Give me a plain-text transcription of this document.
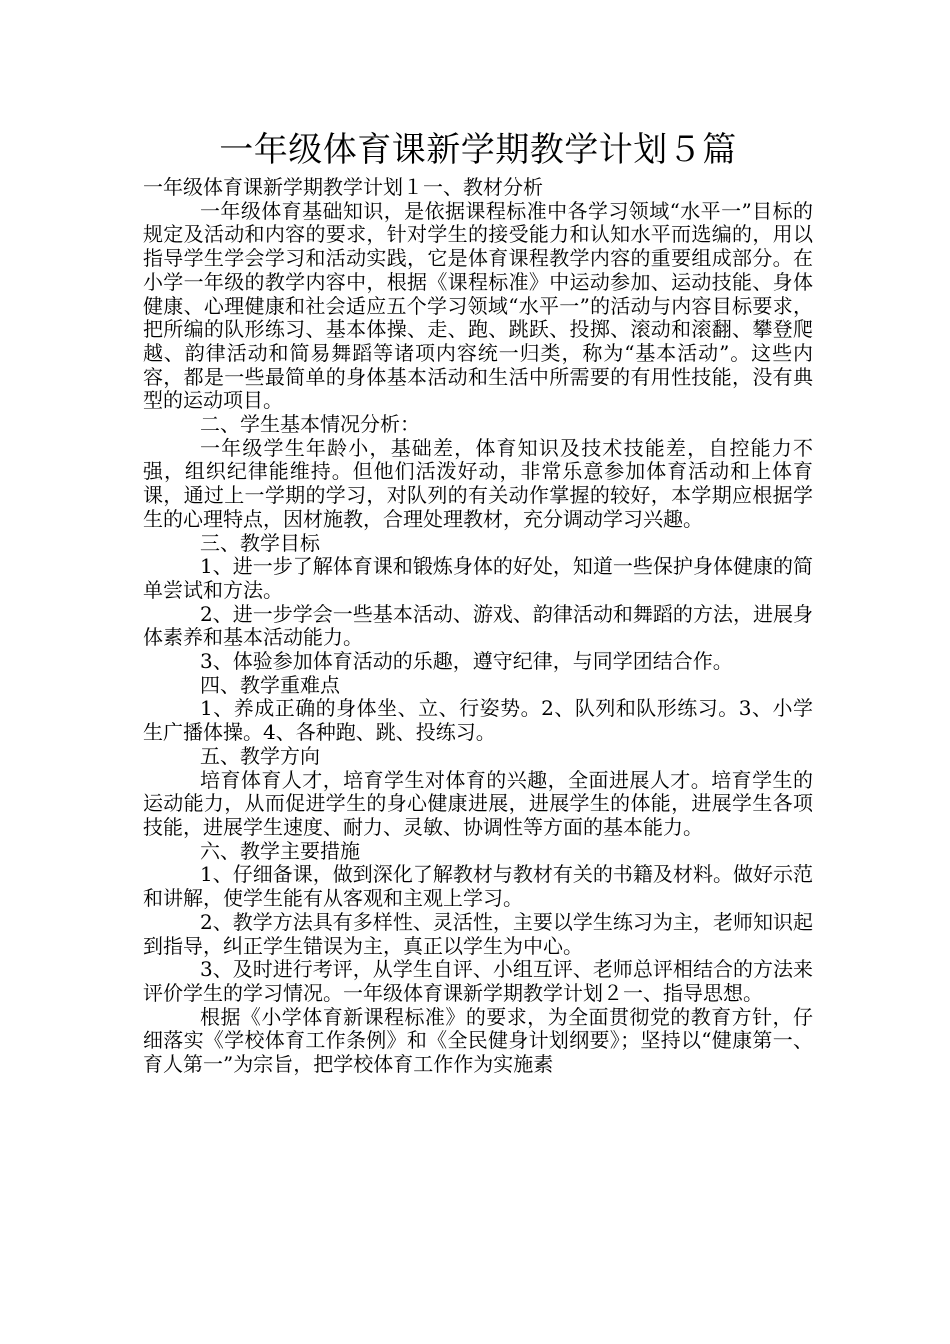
一年级体育课新学期教学计划５篇

一年级体育课新学期教学计划１一、教材分析

一年级体育基础知识，是依据课程标准中各学习领域“水平一”目标的规定及活动和内容的要求，针对学生的接受能力和认知水平而选编的，用以指导学生学会学习和活动实践，它是体育课程教学内容的重要组成部分。在小学一年级的教学内容中，根据《课程标准》中运动参加、运动技能、身体健康、心理健康和社会适应五个学习领域“水平一”的活动与内容目标要求，把所编的队形练习、基本体操、走、跑、跳跃、投掷、滚动和滚翻、攀登爬越、韵律活动和简易舞蹈等诸项内容统一归类，称为“基本活动”。这些内容，都是一些最简单的身体基本活动和生活中所需要的有用性技能，没有典型的运动项目。

二、学生基本情况分析：

一年级学生年龄小，基础差，体育知识及技术技能差，自控能力不强，组织纪律能维持。但他们活泼好动，非常乐意参加体育活动和上体育课，通过上一学期的学习，对队列的有关动作掌握的较好，本学期应根据学生的心理特点，因材施教，合理处理教材，充分调动学习兴趣。

三、教学目标

1、进一步了解体育课和锻炼身体的好处，知道一些保护身体健康的简单尝试和方法。

2、进一步学会一些基本活动、游戏、韵律活动和舞蹈的方法，进展身体素养和基本活动能力。

3、体验参加体育活动的乐趣，遵守纪律，与同学团结合作。

四、教学重难点

1、养成正确的身体坐、立、行姿势。2、队列和队形练习。3、小学生广播体操。4、各种跑、跳、投练习。

五、教学方向

培育体育人才，培育学生对体育的兴趣，全面进展人才。培育学生的运动能力，从而促进学生的身心健康进展，进展学生的体能，进展学生各项技能，进展学生速度、耐力、灵敏、协调性等方面的基本能力。

六、教学主要措施

1、仔细备课，做到深化了解教材与教材有关的书籍及材料。做好示范和讲解，使学生能有从客观和主观上学习。

2、教学方法具有多样性、灵活性，主要以学生练习为主，老师知识起到指导，纠正学生错误为主，真正以学生为中心。

3、及时进行考评，从学生自评、小组互评、老师总评相结合的方法来评价学生的学习情况。一年级体育课新学期教学计划２一、指导思想。

根据《小学体育新课程标准》的要求，为全面贯彻党的教育方针，仔细落实《学校体育工作条例》和《全民健身计划纲要》；坚持以“健康第一、育人第一”为宗旨，把学校体育工作作为实施素
